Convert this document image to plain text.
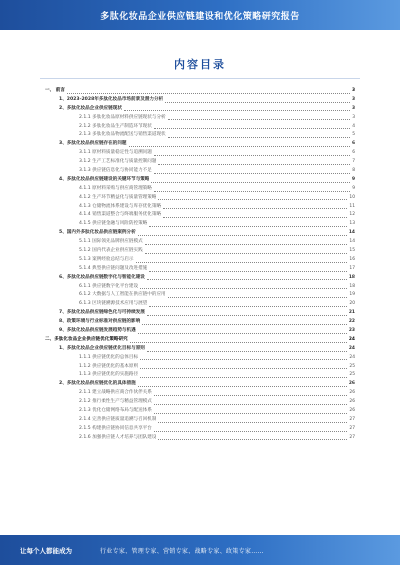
多肽化妆品企业供应链建设和优化策略研究报告
内容目录
一、 前言	3
1、2023-2028年多肽化妆品市场前景及潜力分析	3
2、多肽化妆品企业供应链现状	3
2.1.1 多肽化妆品原材料供应链现状与分析	3
2.1.2 多肽化妆品生产制造环节现状	4
2.1.3 多肽化妆品物流配送与销售渠道现状	5
3、多肽化妆品供应链存在的问题	6
3.1.1 原材料质量稳定性与追溯问题	6
3.1.2 生产工艺标准化与质量控制问题	7
3.1.3 供应链信息化与协同能力不足	8
4、多肽化妆品供应链建设的关键环节与策略	9
4.1.1 原材料采购与供应商管理策略	9
4.1.2 生产环节精益化与质量管理策略	10
4.1.3 仓储物流体系建设与库存优化策略	11
4.1.4 销售渠道整合与终端服务优化策略	12
4.1.5 供应链金融与风险防控策略	13
5、国内外多肽化妆品供应链案例分析	14
5.1.1 国际领先品牌供应链模式	14
5.1.2 国内代表企业供应链实践	15
5.1.3 案例经验总结与启示	16
5.1.4 典型供应链问题及改进措施	17
6、多肽化妆品供应链数字化与智能化建设	18
6.1.1 供应链数字化平台建设	18
6.1.2 大数据与人工智能在供应链中的应用	19
6.1.3 区块链溯源技术应用与展望	20
7、多肽化妆品供应链绿色化与可持续发展	21
8、政策环境与行业标准对供应链的影响	22
9、多肽化妆品供应链发展趋势与机遇	23
二、多肽化妆品企业供应链优化策略研究	24
1、多肽化妆品企业供应链优化目标与原则	24
1.1.1 供应链优化的总体目标	24
1.1.2 供应链优化的基本原则	25
1.1.3 供应链优化的实施路径	25
2、多肽化妆品供应链优化的具体措施	26
2.1.1 建立战略供应商合作伙伴关系	26
2.1.2 推行柔性生产与精益管理模式	26
2.1.3 优化仓储网络布局与配送体系	26
2.1.4 完善供应链质量追溯与召回机制	27
2.1.5 构建供应链协同信息共享平台	27
2.1.6 加强供应链人才培养与团队建设	27
让每个人都能成为	行业专家、管理专家、营销专家、战略专家、政策专家……
